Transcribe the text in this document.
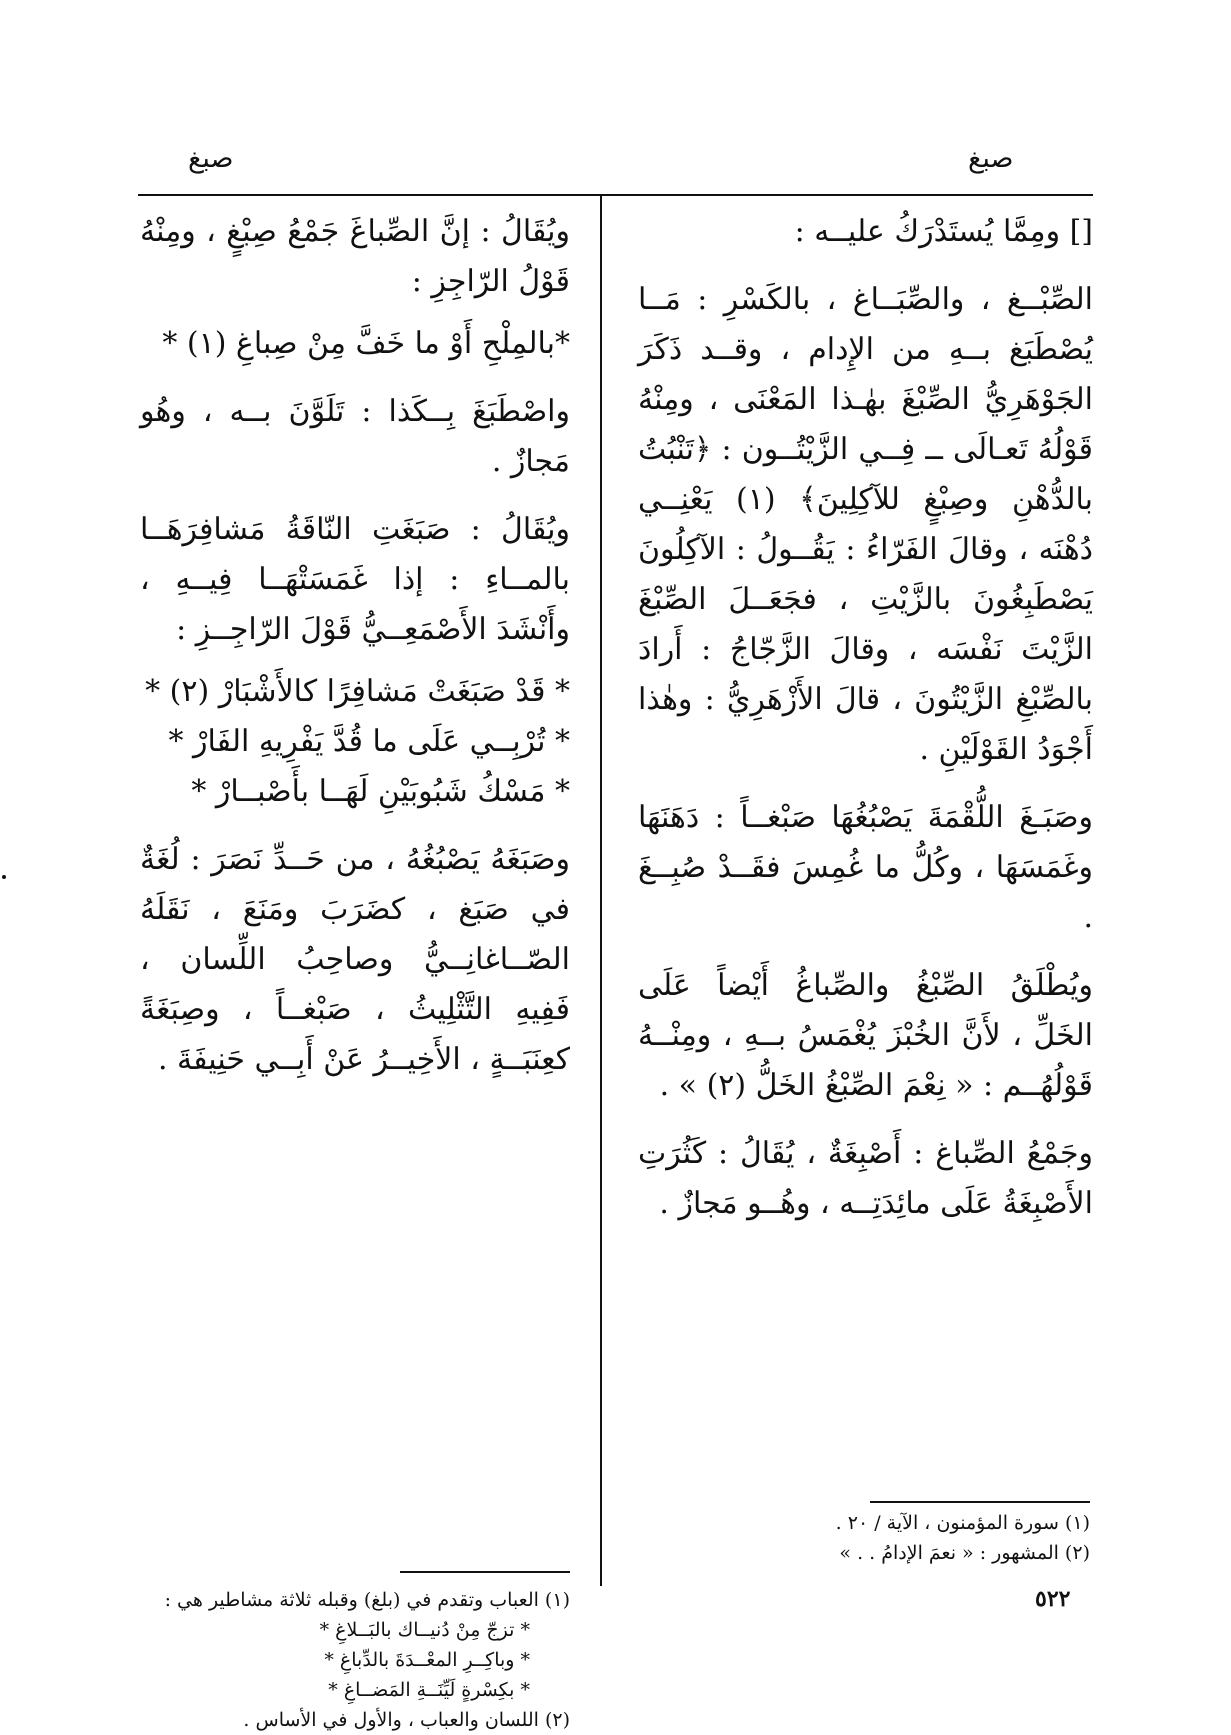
صبغ
صبغ

[] ومِمَّا يُستَدْرَكُ عليــه :

الصِّبْــغ ، والصِّبَــاغ ، بالكَسْرِ : مَــا يُصْطَبَغ بــهِ من الإِدام ، وقــد ذَكَرَ الجَوْهَرِيُّ الصِّبْغَ بهٰـذا المَعْنَى ، ومِنْهُ قَوْلُهُ تَعـالَى ــ فِــي الزَّيْتُــون : ﴿تَنْبُتُ بالدُّهْنِ وصِبْغٍ للآكِلِينَ﴾ (١) يَعْنِــي دُهْنَه ، وقالَ الفَرّاءُ : يَقُــولُ : الآكِلُونَ يَصْطَبِغُونَ بالزَّيْتِ ، فجَعَــلَ الصِّبْغَ الزَّيْتَ نَفْسَه ، وقالَ الزَّجّاجُ : أَرادَ بالصِّبْغِ الزَّيْتُونَ ، قالَ الأَزْهَرِيُّ : وهٰذا أَجْوَدُ القَوْلَيْنِ .

وصَبَـغَ اللُّقْمَةَ يَصْبُغُهَا صَبْغــاً : دَهَنَهَا وغَمَسَهَا ، وكُلُّ ما غُمِسَ فقَــدْ صُبِــغَ .

ويُطْلَقُ الصِّبْغُ والصِّباغُ أَيْضاً عَلَى الخَلِّ ، لأَنَّ الخُبْزَ يُغْمَسُ بــهِ ، ومِنْــهُ قَوْلُهُــم : « نِعْمَ الصِّبْغُ الخَلُّ (٢) » .

وجَمْعُ الصِّباغ : أَصْبِغَةٌ ، يُقَالُ : كَثُرَتِ الأَصْبِغَةُ عَلَى مائِدَتِــه ، وهُــو مَجازٌ .

ويُقَالُ : إنَّ الصِّباغَ جَمْعُ صِبْغٍ ، ومِنْهُ قَوْلُ الرّاجِزِ :

*بالمِلْحِ أَوْ ما خَفَّ مِنْ صِباغِ (١) *

واصْطَبَغَ بِــكَذا : تَلَوَّنَ بــه ، وهُو مَجازٌ .

ويُقَالُ : صَبَغَتِ النّاقَةُ مَشافِرَهَــا بالمــاءِ : إذا غَمَسَتْهَــا فِيــهِ ، وأَنْشَدَ الأَصْمَعِــيُّ قَوْلَ الرّاجِــزِ :

* قَدْ صَبَغَتْ مَشافِرًا كالأَشْبَارْ (٢) *

* تُرْبِــي عَلَى ما قُدَّ يَفْرِيهِ الفَارْ *

* مَسْكُ شَبُوبَيْنِ لَهَــا بأَصْبــارْ *

وصَبَغَهُ يَصْبُغُهُ ، من حَــدِّ نَصَرَ : لُغَةٌ في صَبَغ ، كضَرَبَ ومَنَعَ ، نَقَلَهُ الصّــاغانِــيُّ وصاحِبُ اللِّسان ، فَفِيهِ التَّثْلِيثُ ، صَبْغــاً ، وصِبَغَةً كعِنَبَــةٍ ، الأَخِيــرُ عَنْ أَبِــي حَنِيفَةَ .

(١) العباب وتقدم في (بلغ) وقبله ثلاثة مشاطير هي :

* تزجّ مِنْ دُنيــاك بالبَــلاغِ *

* وباكِــرِ المعْــدَةَ بالدِّباغِ *

* بكِسْرةٍ لَيِّنَــةِ المَضــاغِ *

(٢) اللسان والعباب ، والأول في الأساس .

(١) سورة المؤمنون ، الآية / ٢٠ .

(٢) المشهور : « نعمَ الإدامُ . . »

٥٢٢
